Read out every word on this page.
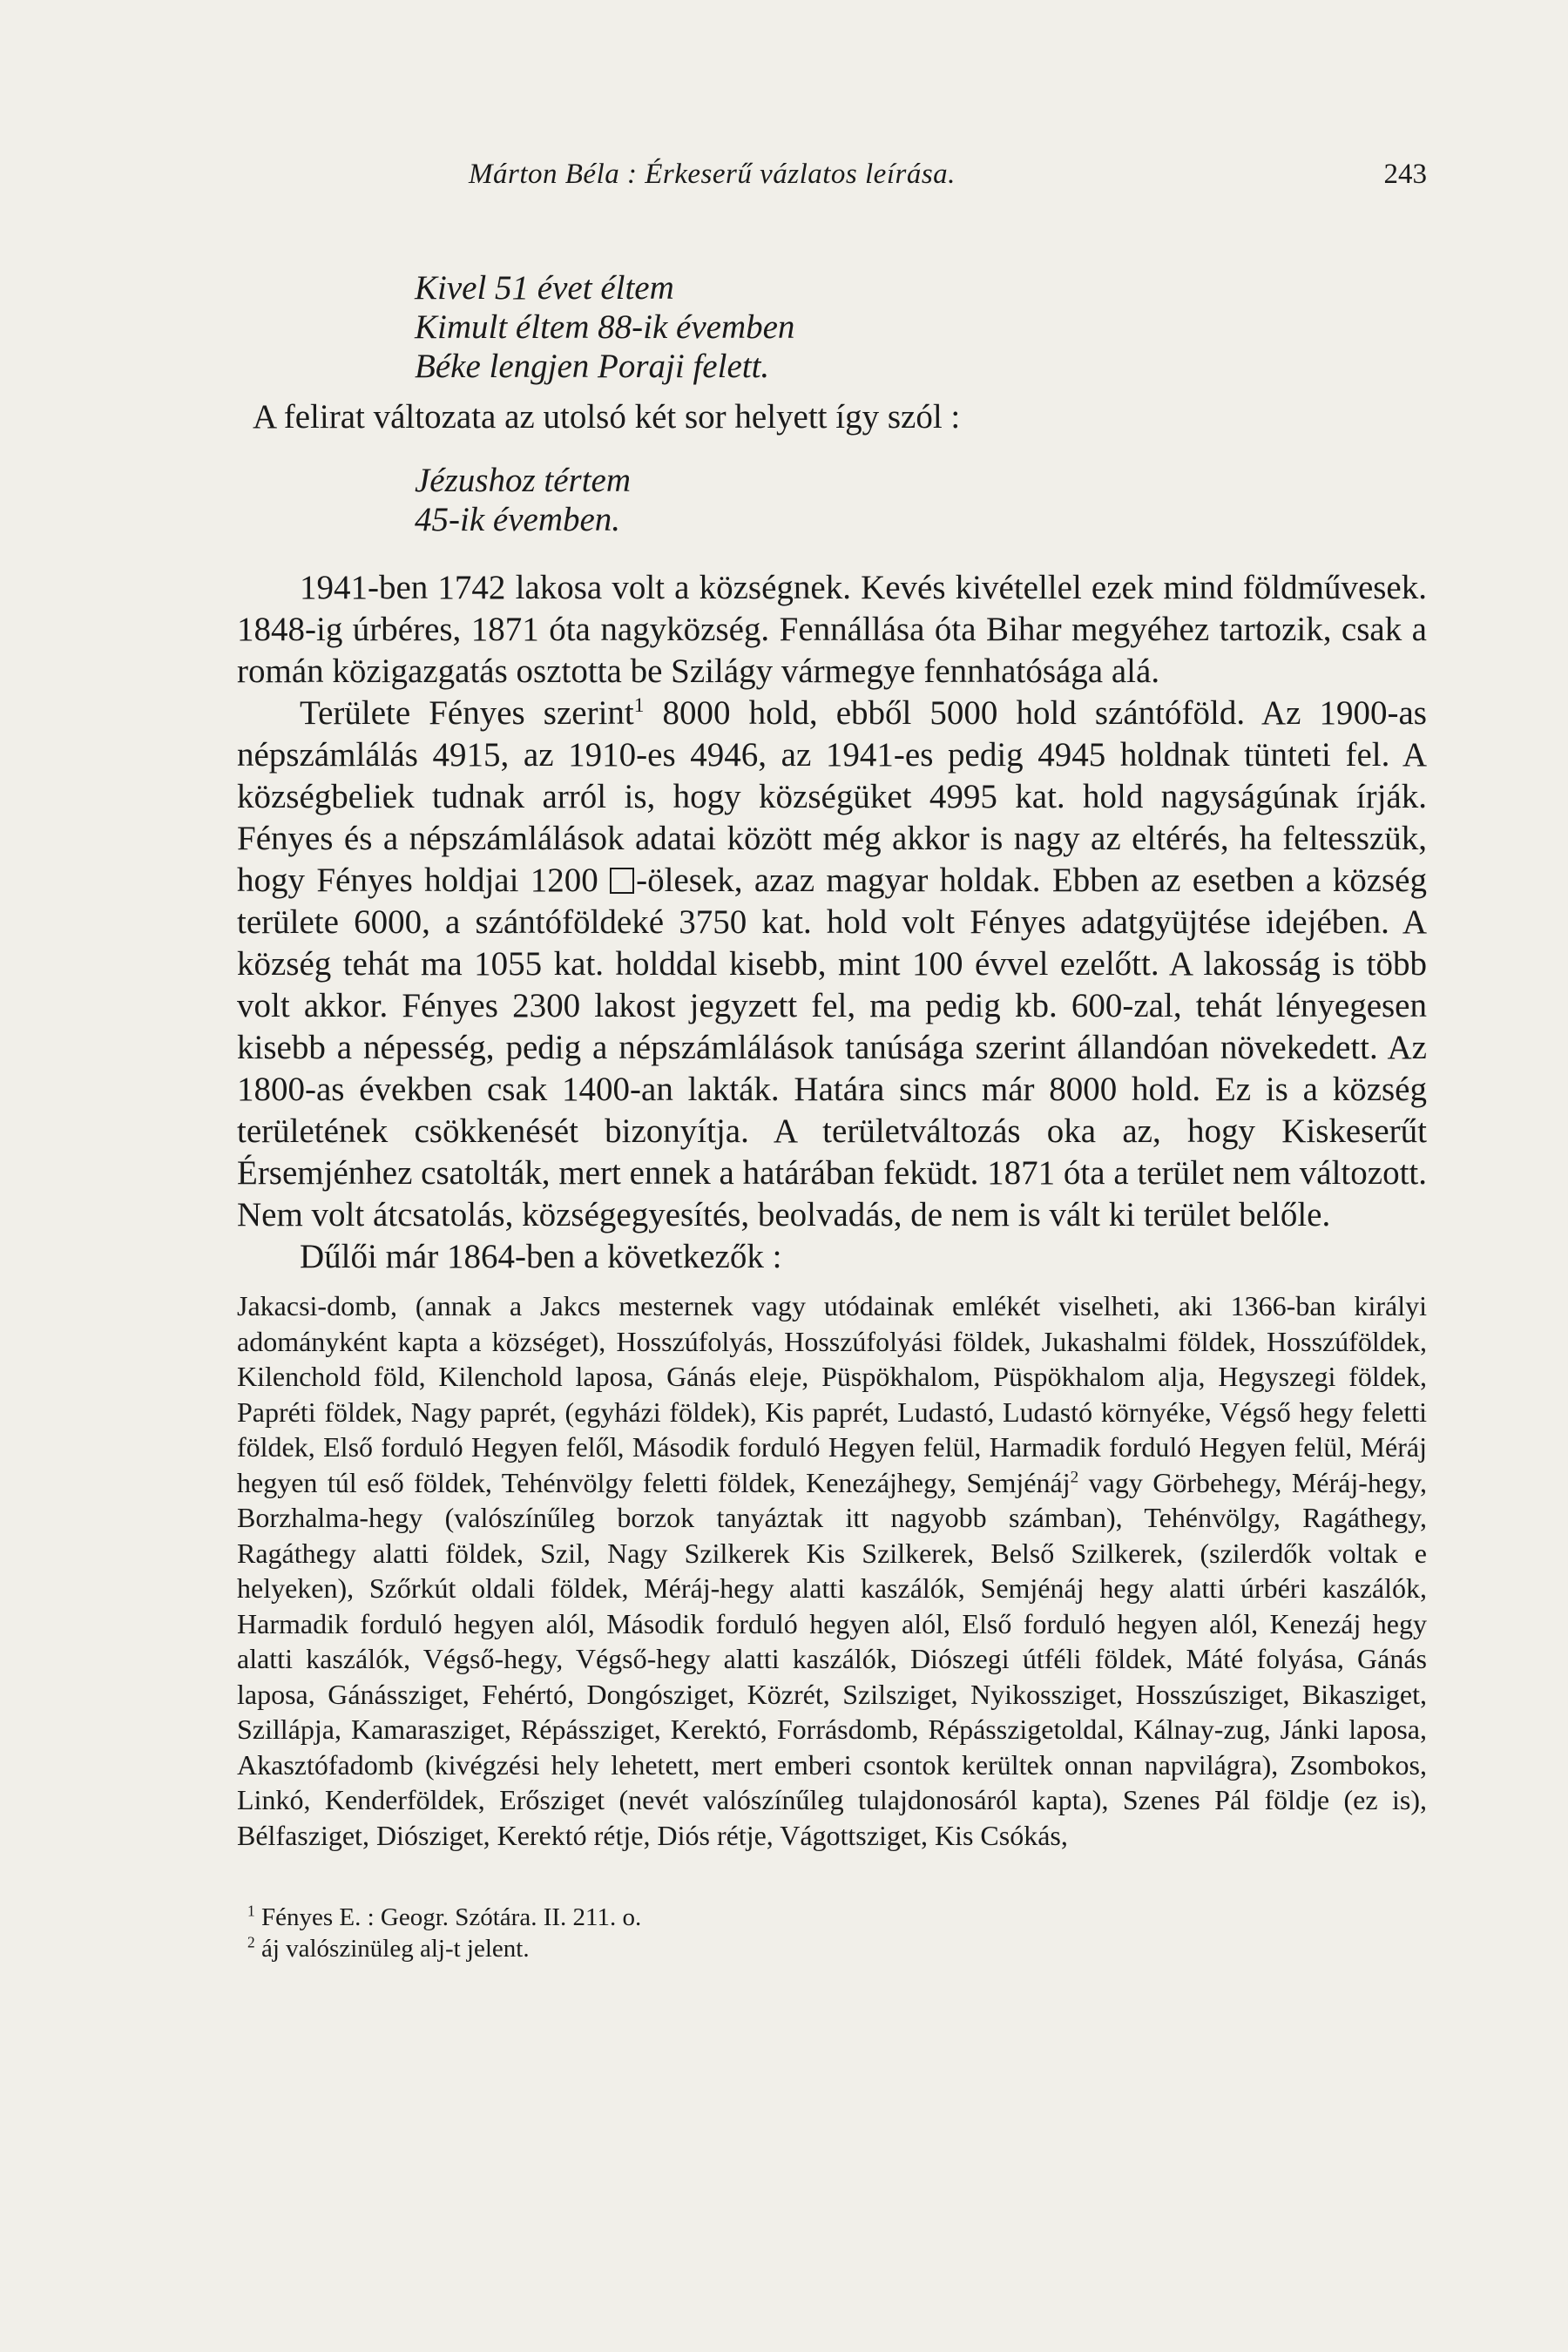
Márton Béla : Érkeserű vázlatos leírása.	243
Kivel 51 évet éltem
Kimult éltem 88-ik évemben
Béke lengjen Poraji felett.
A felirat változata az utolsó két sor helyett így szól :
Jézushoz tértem
45-ik évemben.

1941-ben 1742 lakosa volt a községnek. Kevés kivétellel ezek mind földművesek. 1848-ig úrbéres, 1871 óta nagyközség. Fennállása óta Bihar megyéhez tartozik, csak a román közigazgatás osztotta be Szilágy vármegye fennhatósága alá.

Területe Fényes szerint$^1$ 8000 hold, ebből 5000 hold szántóföld. Az 1900-as népszámlálás 4915, az 1910-es 4946, az 1941-es pedig 4945 holdnak tünteti fel. A községbeliek tudnak arról is, hogy községüket 4995 kat. hold nagyságúnak írják. Fényes és a népszámlálások adatai között még akkor is nagy az eltérés, ha feltesszük, hogy Fényes holdjai 1200 -ölesek, azaz magyar holdak. Ebben az esetben a község területe 6000, a szántóföldeké 3750 kat. hold volt Fényes adatgyüjtése idejében. A község tehát ma 1055 kat. holddal kisebb, mint 100 évvel ezelőtt. A lakosság is több volt akkor. Fényes 2300 lakost jegyzett fel, ma pedig kb. 600-zal, tehát lényegesen kisebb a népesség, pedig a népszámlálások tanúsága szerint állandóan növekedett. Az 1800-as években csak 1400-an lakták. Határa sincs már 8000 hold. Ez is a község területének csökkenését bizonyítja. A területváltozás oka az, hogy Kiskeserűt Érsemjénhez csatolták, mert ennek a határában feküdt. 1871 óta a terület nem változott. Nem volt átcsatolás, községegyesítés, beolvadás, de nem is vált ki terület belőle.

Dűlői már 1864-ben a következők :

Jakacsi-domb, (annak a Jakcs mesternek vagy utódainak emlékét viselheti, aki 1366-ban királyi adományként kapta a községet), Hosszúfolyás, Hosszúfolyási földek, Jukashalmi földek, Hosszúföldek, Kilenchold föld, Kilenchold laposa, Gánás eleje, Püspökhalom, Püspökhalom alja, Hegyszegi földek, Papréti földek, Nagy paprét, (egyházi földek), Kis paprét, Ludastó, Ludastó környéke, Végső hegy feletti földek, Első forduló Hegyen felől, Második forduló Hegyen felül, Harmadik forduló Hegyen felül, Méráj hegyen túl eső földek, Tehénvölgy feletti földek, Kenezájhegy, Semjénáj$^2$ vagy Görbehegy, Méráj-hegy, Borzhalma-hegy (valószínűleg borzok tanyáztak itt nagyobb számban), Tehénvölgy, Ragáthegy, Ragáthegy alatti földek, Szil, Nagy Szilkerek Kis Szilkerek, Belső Szilkerek, (szilerdők voltak e helyeken), Szőrkút oldali földek, Méráj-hegy alatti kaszálók, Semjénáj hegy alatti úrbéri kaszálók, Harmadik forduló hegyen alól, Második forduló hegyen alól, Első forduló hegyen alól, Kenezáj hegy alatti kaszálók, Végső-hegy, Végső-hegy alatti kaszálók, Diószegi útféli földek, Máté folyása, Gánás laposa, Gánássziget, Fehértó, Dongósziget, Közrét, Szilsziget, Nyikossziget, Hosszúsziget, Bikasziget, Szillápja, Kamarasziget, Répássziget, Kerektó, Forrásdomb, Répásszigetoldal, Kálnay-zug, Jánki laposa, Akasztófadomb (kivégzési hely lehetett, mert emberi csontok kerültek onnan napvilágra), Zsombokos, Linkó, Kenderföldek, Erősziget (nevét valószínűleg tulajdonosáról kapta), Szenes Pál földje (ez is), Bélfasziget, Diósziget, Kerektó rétje, Diós rétje, Vágottsziget, Kis Csókás,

$^1$ Fényes E. : Geogr. Szótára. II. 211. o.
$^2$ áj valószinüleg alj-t jelent.
